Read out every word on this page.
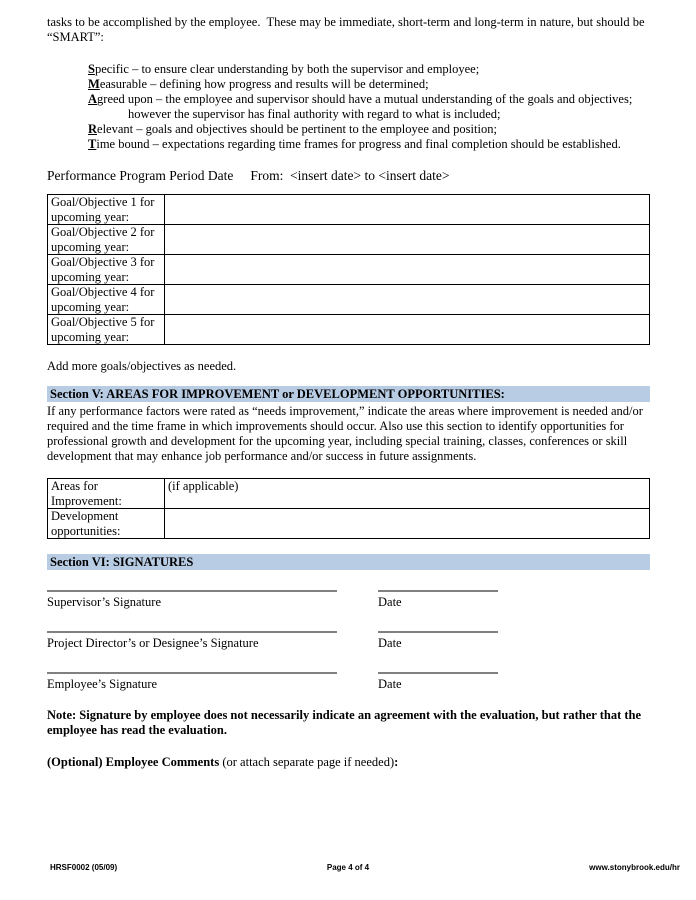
tasks to be accomplished by the employee.  These may be immediate, short-term and long-term in nature, but should be “SMART”:

Specific – to ensure clear understanding by both the supervisor and employee;
Measurable – defining how progress and results will be determined;
Agreed upon – the employee and supervisor should have a mutual understanding of the goals and objectives;
however the supervisor has final authority with regard to what is included;
Relevant – goals and objectives should be pertinent to the employee and position;
Time bound – expectations regarding time frames for progress and final completion should be established.
Performance Program Period Date From:  <insert date> to <insert date>
Goal/Objective 1 for
upcoming year:	

Goal/Objective 2 for
upcoming year:	

Goal/Objective 3 for
upcoming year:	

Goal/Objective 4 for
upcoming year:	

Goal/Objective 5 for
upcoming year:	

Add more goals/objectives as needed.

Section V: AREAS FOR IMPROVEMENT or DEVELOPMENT OPPORTUNITIES:

If any performance factors were rated as “needs improvement,” indicate the areas where improvement is needed and/or required and the time frame in which improvements should occur. Also use this section to identify opportunities for professional growth and development for the upcoming year, including special training, classes, conferences or skill development that may enhance job performance and/or success in future assignments.

Areas for
Improvement:	(if applicable)

Development
opportunities:	

Section VI: SIGNATURES
Supervisor’s Signature	Date
Project Director’s or Designee’s Signature	Date
Employee’s Signature	Date

Note: Signature by employee does not necessarily indicate an agreement with the evaluation, but rather that the employee has read the evaluation.

(Optional) Employee Comments (or attach separate page if needed):

HRSF0002 (05/09)	Page 4 of 4	www.stonybrook.edu/hr
